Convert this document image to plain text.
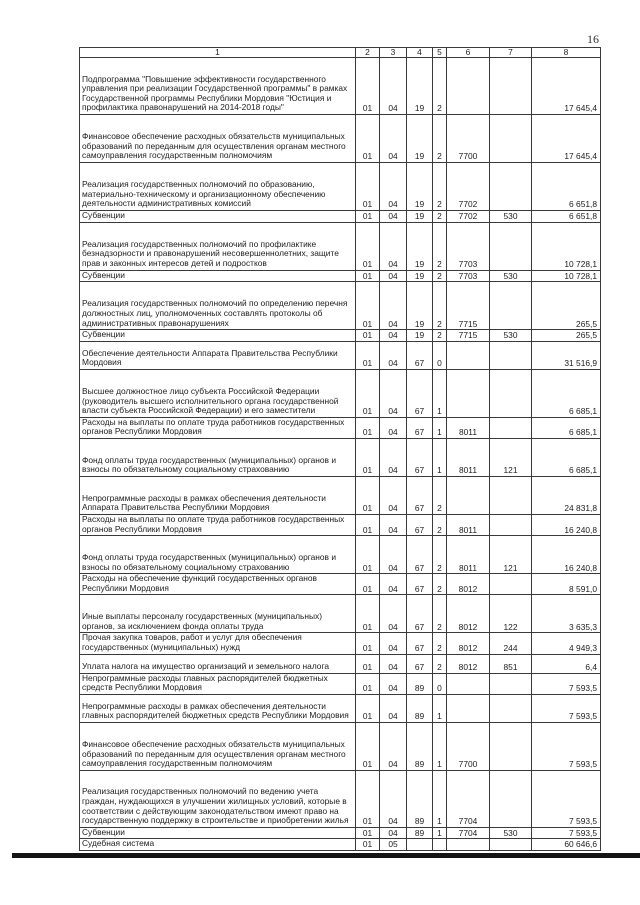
16
1	2	3	4	5	6	7	8
Подпрограмма "Повышение эффективности государственного управления при реализации Государственной программы" в рамках Государственной программы Республики Мордовия "Юстиция и профилактика правонарушений на 2014-2018 годы"	01	04	19	2			17 645,4
Финансовое обеспечение расходных обязательств муниципальных образований по переданным для осуществления органам местного самоуправления государственным полномочиям	01	04	19	2	7700		17 645,4
Реализация государственных полномочий по образованию, материально-техническому и организационному обеспечению деятельности административных комиссий	01	04	19	2	7702		6 651,8
Субвенции	01	04	19	2	7702	530	6 651,8
Реализация государственных полномочий по профилактике безнадзорности и правонарушений несовершеннолетних, защите прав и законных интересов детей и подростков	01	04	19	2	7703		10 728,1
Субвенции	01	04	19	2	7703	530	10 728,1
Реализация государственных полномочий по определению перечня должностных лиц, уполномоченных составлять протоколы об административных правонарушениях	01	04	19	2	7715		265,5
Субвенции	01	04	19	2	7715	530	265,5
Обеспечение деятельности Аппарата Правительства Республики Мордовия	01	04	67	0			31 516,9
Высшее должностное лицо субъекта Российской Федерации (руководитель высшего исполнительного органа государственной власти субъекта Российской Федерации) и его заместители	01	04	67	1			6 685,1
Расходы на выплаты по оплате труда работников государственных органов Республики Мордовия	01	04	67	1	8011		6 685,1
Фонд оплаты труда государственных (муниципальных) органов и взносы по обязательному социальному страхованию	01	04	67	1	8011	121	6 685,1
Непрограммные расходы в рамках обеспечения деятельности Аппарата Правительства Республики Мордовия	01	04	67	2			24 831,8
Расходы на выплаты по оплате труда работников государственных органов Республики Мордовия	01	04	67	2	8011		16 240,8
Фонд оплаты труда государственных (муниципальных) органов и взносы по обязательному социальному страхованию	01	04	67	2	8011	121	16 240,8
Расходы на обеспечение функций государственных органов Республики Мордовия	01	04	67	2	8012		8 591,0
Иные выплаты персоналу государственных (муниципальных) органов, за исключением фонда оплаты труда	01	04	67	2	8012	122	3 635,3
Прочая закупка товаров, работ и услуг для обеспечения государственных (муниципальных) нужд	01	04	67	2	8012	244	4 949,3
Уплата налога на имущество организаций и земельного налога	01	04	67	2	8012	851	6,4
Непрограммные расходы главных распорядителей бюджетных средств Республики Мордовия	01	04	89	0			7 593,5
Непрограммные расходы в рамках обеспечения деятельности главных распорядителей бюджетных средств Республики Мордовия	01	04	89	1			7 593,5
Финансовое обеспечение расходных обязательств муниципальных образований по переданным для осуществления органам местного самоуправления государственным полномочиям	01	04	89	1	7700		7 593,5
Реализация государственных полномочий по ведению учета граждан, нуждающихся в улучшении жилищных условий, которые в соответствии с действующим законодательством имеют право на государственную поддержку в строительстве и приобретении жилья	01	04	89	1	7704		7 593,5
Субвенции	01	04	89	1	7704	530	7 593,5
Судебная система	01	05					60 646,6
